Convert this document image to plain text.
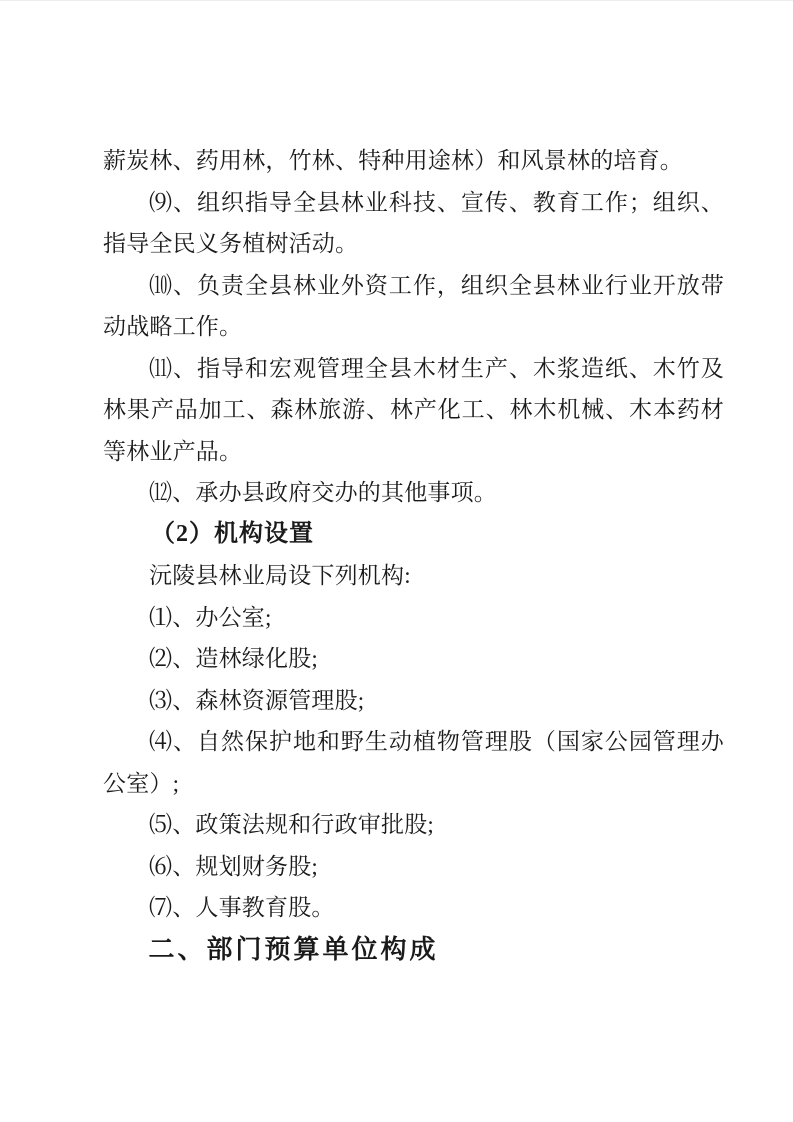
薪炭林、药用林，竹林、特种用途林）和风景林的培育。

⑼、组织指导全县林业科技、宣传、教育工作；组织、指导全民义务植树活动。

⑽、负责全县林业外资工作，组织全县林业行业开放带动战略工作。

⑾、指导和宏观管理全县木材生产、木浆造纸、木竹及林果产品加工、森林旅游、林产化工、林木机械、木本药材等林业产品。

⑿、承办县政府交办的其他事项。

（2）机构设置

沅陵县林业局设下列机构:

⑴、办公室;

⑵、造林绿化股;

⑶、森林资源管理股;

⑷、自然保护地和野生动植物管理股（国家公园管理办公室）;

⑸、政策法规和行政审批股;

⑹、规划财务股;

⑺、人事教育股。

二、部门预算单位构成
